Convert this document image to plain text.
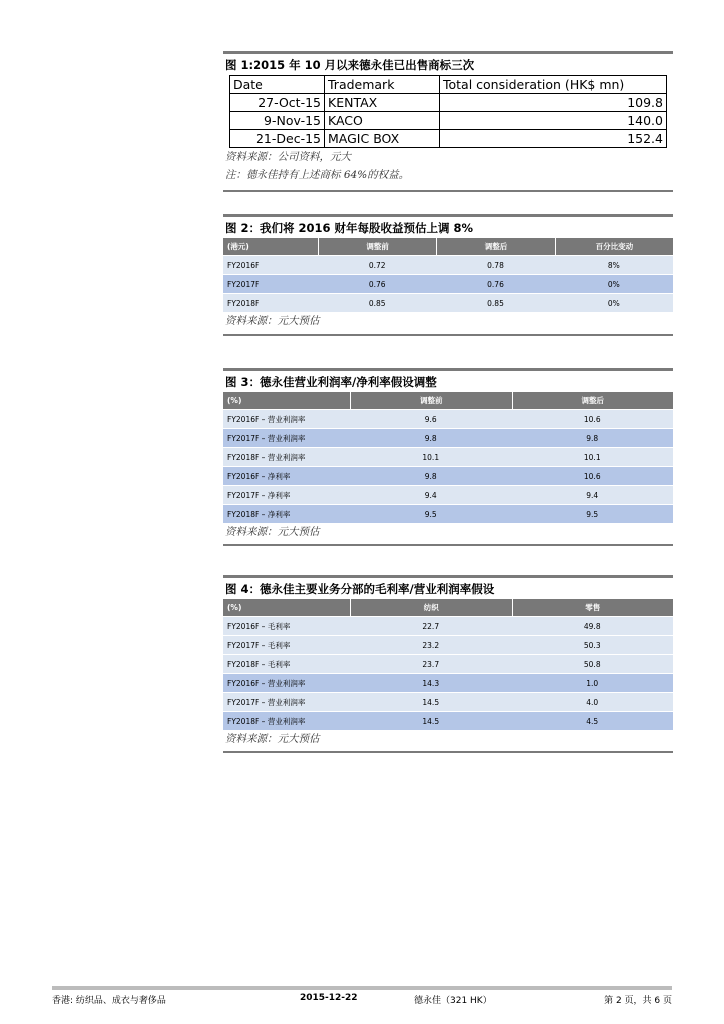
图 1:2015 年 10 月以来德永佳已出售商标三次
Date	Trademark	Total consideration (HK$ mn)
27-Oct-15	KENTAX	109.8
9-Nov-15	KACO	140.0
21-Dec-15	MAGIC BOX	152.4
资料来源：公司资料，元大
注：德永佳持有上述商标 64%的权益。
图 2：我们将 2016 财年每股收益预估上调 8%
(港元)	调整前	调整后	百分比变动
FY2016F	0.72	0.78	8%
FY2017F	0.76	0.76	0%
FY2018F	0.85	0.85	0%
资料来源：元大预估
图 3：德永佳营业利润率/净利率假设调整
(%)	调整前	调整后
FY2016F – 营业利润率	9.6	10.6
FY2017F – 营业利润率	9.8	9.8
FY2018F – 营业利润率	10.1	10.1
FY2016F – 净利率	9.8	10.6
FY2017F – 净利率	9.4	9.4
FY2018F – 净利率	9.5	9.5
资料来源：元大预估
图 4：德永佳主要业务分部的毛利率/营业利润率假设
(%)	纺织	零售
FY2016F – 毛利率	22.7	49.8
FY2017F – 毛利率	23.2	50.3
FY2018F – 毛利率	23.7	50.8
FY2016F – 营业利润率	14.3	1.0
FY2017F – 营业利润率	14.5	4.0
FY2018F – 营业利润率	14.5	4.5
资料来源：元大预估
香港: 纺织品、成衣与奢侈品	2015-12-22	德永佳（321 HK）	第 2 页，共 6 页
